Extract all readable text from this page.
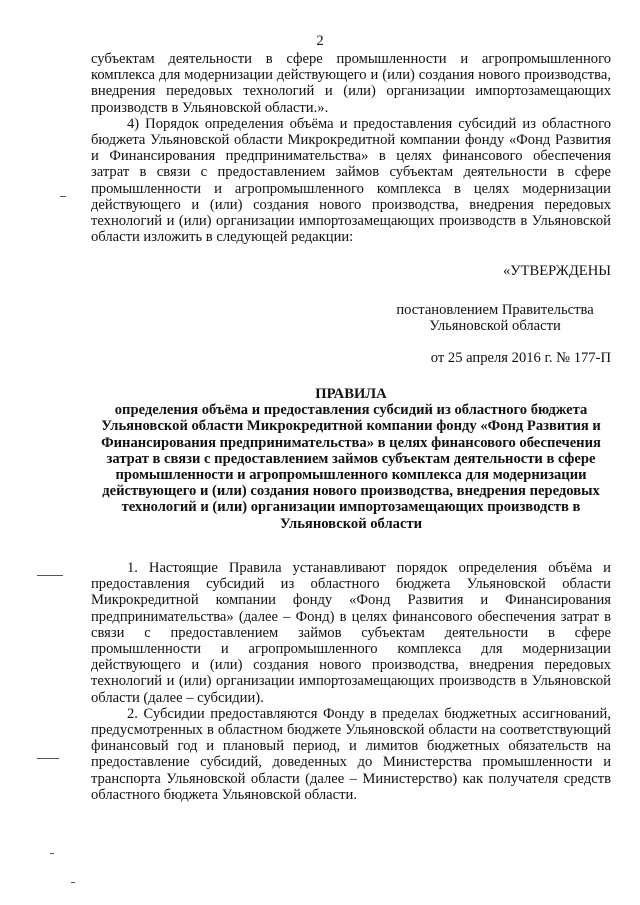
2

субъектам деятельности в сфере промышленности и агропромышленного комплекса для модернизации действующего и (или) создания нового производства, внедрения передовых технологий и (или) организации импортозамещающих производств в Ульяновской области.».

4) Порядок определения объёма и предоставления субсидий из областного бюджета Ульяновской области Микрокредитной компании фонду «Фонд Развития и Финансирования предпринимательства» в целях финансового обеспечения затрат в связи с предоставлением займов субъектам деятельности в сфере промышленности и агропромышленного комплекса в целях модернизации действующего и (или) создания нового производства, внедрения передовых технологий и (или) организации импортозамещающих производств в Ульяновской области изложить в следующей редакции:

«УТВЕРЖДЕНЫ
постановлением Правительства
Ульяновской области
от 25 апреля 2016 г. № 177-П
ПРАВИЛА
определения объёма и предоставления субсидий из областного бюджета Ульяновской области Микрокредитной компании фонду «Фонд Развития и Финансирования предпринимательства» в целях финансового обеспечения затрат в связи с предоставлением займов субъектам деятельности в сфере промышленности и агропромышленного комплекса для модернизации действующего и (или) создания нового производства, внедрения передовых технологий и (или) организации импортозамещающих производств в Ульяновской области

1. Настоящие Правила устанавливают порядок определения объёма и предоставления субсидий из областного бюджета Ульяновской области Микрокредитной компании фонду «Фонд Развития и Финансирования предпринимательства» (далее – Фонд) в целях финансового обеспечения затрат в связи с предоставлением займов субъектам деятельности в сфере промышленности и агропромышленного комплекса для модернизации действующего и (или) создания нового производства, внедрения передовых технологий и (или) организации импортозамещающих производств в Ульяновской области (далее – субсидии).

2. Субсидии предоставляются Фонду в пределах бюджетных ассигнований, предусмотренных в областном бюджете Ульяновской области на соответствующий финансовый год и плановый период, и лимитов бюджетных обязательств на предоставление субсидий, доведенных до Министерства промышленности и транспорта Ульяновской области (далее – Министерство) как получателя средств областного бюджета Ульяновской области.
